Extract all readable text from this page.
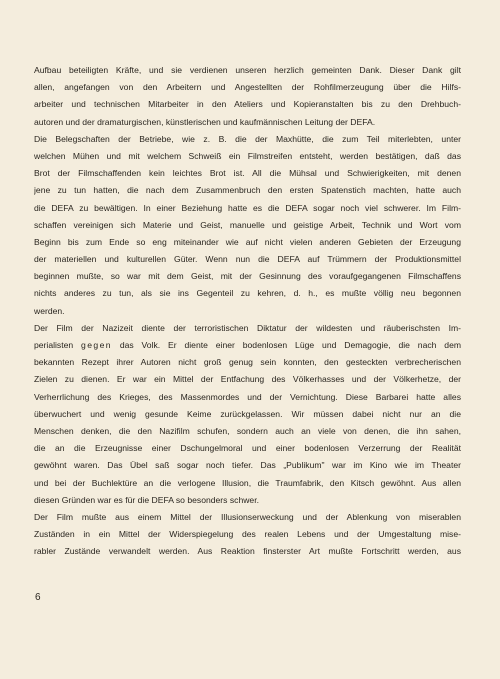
Aufbau beteiligten Kräfte, und sie verdienen unseren herzlich gemeinten Dank. Dieser Dank gilt
allen, angefangen von den Arbeitern und Angestellten der Rohfilmerzeugung über die Hilfs-
arbeiter und technischen Mitarbeiter in den Ateliers und Kopieranstalten bis zu den Drehbuch-
autoren und der dramaturgischen, künstlerischen und kaufmännischen Leitung der DEFA.
Die Belegschaften der Betriebe, wie z. B. die der Maxhütte, die zum Teil miterlebten, unter
welchen Mühen und mit welchem Schweiß ein Filmstreifen entsteht, werden bestätigen, daß das
Brot der Filmschaffenden kein leichtes Brot ist. All die Mühsal und Schwierigkeiten, mit denen
jene zu tun hatten, die nach dem Zusammenbruch den ersten Spatenstich machten, hatte auch
die DEFA zu bewältigen. In einer Beziehung hatte es die DEFA sogar noch viel schwerer. Im Film-
schaffen vereinigen sich Materie und Geist, manuelle und geistige Arbeit, Technik und Wort vom
Beginn bis zum Ende so eng miteinander wie auf nicht vielen anderen Gebieten der Erzeugung
der materiellen und kulturellen Güter. Wenn nun die DEFA auf Trümmern der Produktionsmittel
beginnen mußte, so war mit dem Geist, mit der Gesinnung des voraufgegangenen Filmschaffens
nichts anderes zu tun, als sie ins Gegenteil zu kehren, d. h., es mußte völlig neu begonnen
werden.
Der Film der Nazizeit diente der terroristischen Diktatur der wildesten und räuberischsten Im-
perialisten gegen das Volk. Er diente einer bodenlosen Lüge und Demagogie, die nach dem
bekannten Rezept ihrer Autoren nicht groß genug sein konnten, den gesteckten verbrecherischen
Zielen zu dienen. Er war ein Mittel der Entfachung des Völkerhasses und der Völkerhetze, der
Verherrlichung des Krieges, des Massenmordes und der Vernichtung. Diese Barbarei hatte alles
überwuchert und wenig gesunde Keime zurückgelassen. Wir müssen dabei nicht nur an die
Menschen denken, die den Nazifilm schufen, sondern auch an viele von denen, die ihn sahen,
die an die Erzeugnisse einer Dschungelmoral und einer bodenlosen Verzerrung der Realität
gewöhnt waren. Das Übel saß sogar noch tiefer. Das „Publikum" war im Kino wie im Theater
und bei der Buchlektüre an die verlogene Illusion, die Traumfabrik, den Kitsch gewöhnt. Aus allen
diesen Gründen war es für die DEFA so besonders schwer.
Der Film mußte aus einem Mittel der Illusionserweckung und der Ablenkung von miserablen
Zuständen in ein Mittel der Widerspiegelung des realen Lebens und der Umgestaltung mise-
rabler Zustände verwandelt werden. Aus Reaktion finsterster Art mußte Fortschritt werden, aus
6
